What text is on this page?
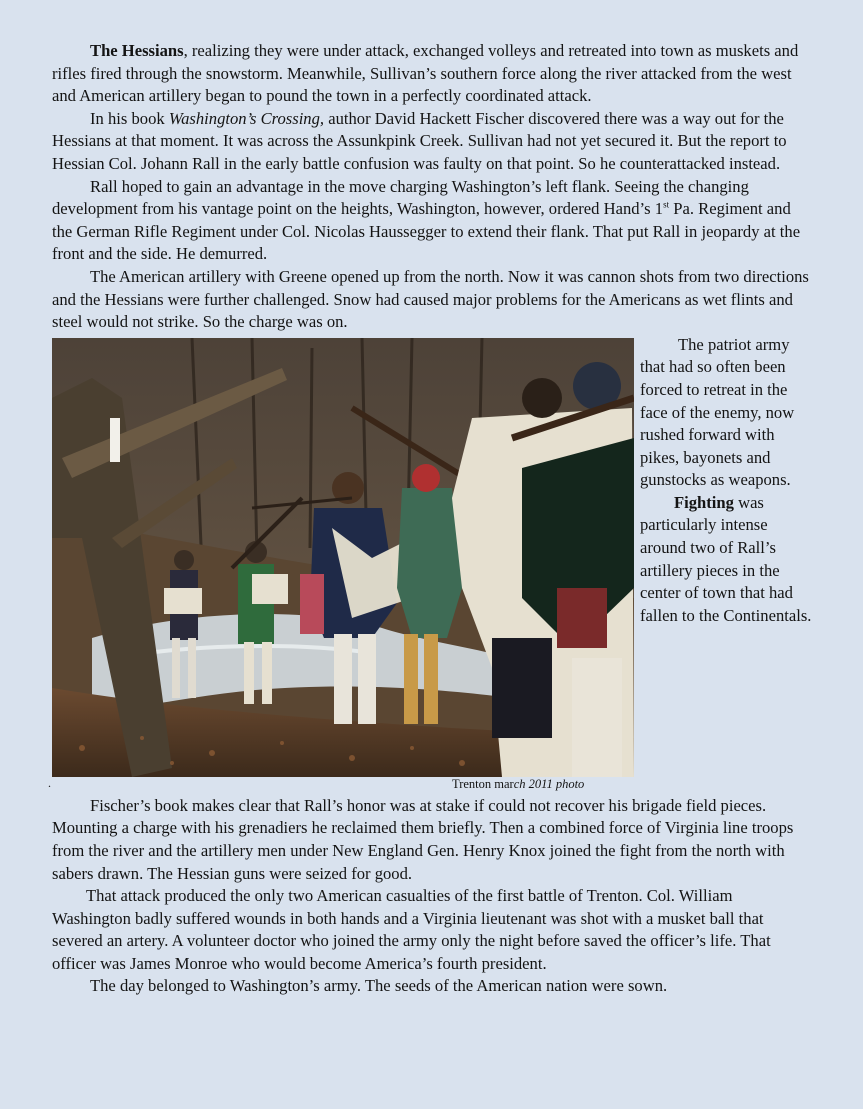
The Hessians, realizing they were under attack, exchanged volleys and retreated into town as muskets and rifles fired through the snowstorm. Meanwhile, Sullivan’s southern force along the river attacked from the west and American artillery began to pound the town in a perfectly coordinated attack.

In his book Washington’s Crossing, author David Hackett Fischer discovered there was a way out for the Hessians at that moment. It was across the Assunkpink Creek. Sullivan had not yet secured it. But the report to Hessian Col. Johann Rall in the early battle confusion was faulty on that point. So he counterattacked instead.

Rall hoped to gain an advantage in the move charging Washington’s left flank. Seeing the changing development from his vantage point on the heights, Washington, however, ordered Hand’s 1st Pa. Regiment and the German Rifle Regiment under Col. Nicolas Haussegger to extend their flank. That put Rall in jeopardy at the front and the side. He demurred.

The American artillery with Greene opened up from the north. Now it was cannon shots from two directions and the Hessians were further challenged. Snow had caused major problems for the Americans as wet flints and steel would not strike. So the charge was on.

The patriot army that had so often been forced to retreat in the face of the enemy, now rushed forward with pikes, bayonets and gunstocks as weapons.

Fighting was particularly intense around two of Rall’s artillery pieces in the center of town that had fallen to the Continentals.

.	Trenton march 2011 photo

Fischer’s book makes clear that Rall’s honor was at stake if could not recover his brigade field pieces. Mounting a charge with his grenadiers he reclaimed them briefly. Then a combined force of Virginia line troops from the river and the artillery men under New England Gen. Henry Knox joined the fight from the north with sabers drawn. The Hessian guns were seized for good.

That attack produced the only two American casualties of the first battle of Trenton. Col. William Washington badly suffered wounds in both hands and a Virginia lieutenant was shot with a musket ball that severed an artery. A volunteer doctor who joined the army only the night before saved the officer’s life. That officer was James Monroe who would become America’s fourth president.

The day belonged to Washington’s army. The seeds of the American nation were sown.
